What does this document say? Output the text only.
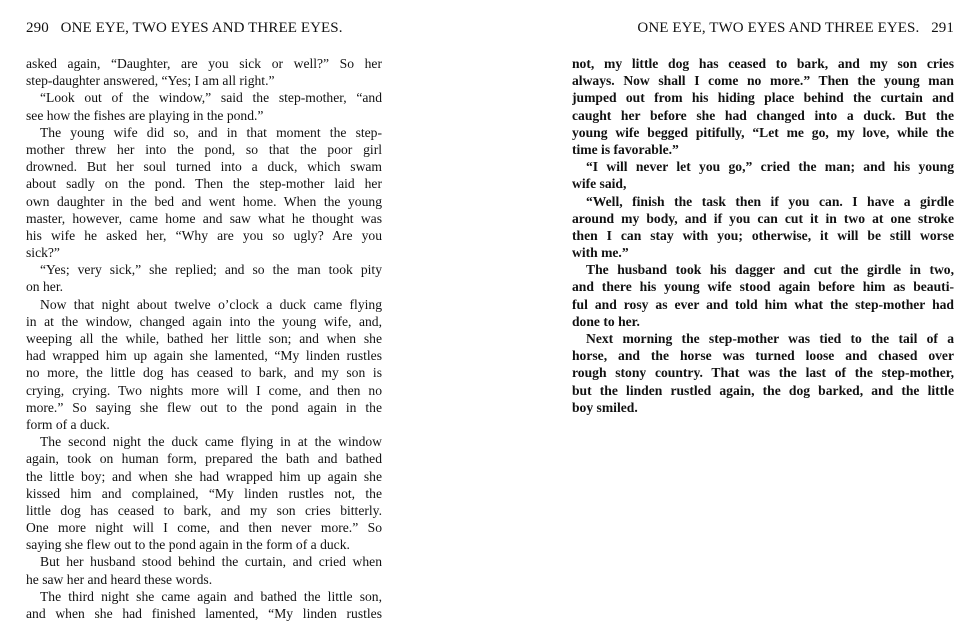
290 ONE EYE, TWO EYES AND THREE EYES.
asked again, “Daughter, are you sick or well?” So her
step-daughter answered, “Yes; I am all right.”
“Look out of the window,” said the step-mother, “and
see how the fishes are playing in the pond.”
The young wife did so, and in that moment the step-
mother threw her into the pond, so that the poor girl
drowned. But her soul turned into a duck, which swam
about sadly on the pond. Then the step-mother laid her
own daughter in the bed and went home. When the young
master, however, came home and saw what he thought was
his wife he asked her, “Why are you so ugly? Are you
sick?”
“Yes; very sick,” she replied; and so the man took pity
on her.
Now that night about twelve o’clock a duck came flying
in at the window, changed again into the young wife, and,
weeping all the while, bathed her little son; and when she
had wrapped him up again she lamented, “My linden rustles
no more, the little dog has ceased to bark, and my son is
crying, crying. Two nights more will I come, and then no
more.” So saying she flew out to the pond again in the
form of a duck.
The second night the duck came flying in at the window
again, took on human form, prepared the bath and bathed
the little boy; and when she had wrapped him up again she
kissed him and complained, “My linden rustles not, the
little dog has ceased to bark, and my son cries bitterly.
One more night will I come, and then never more.” So
saying she flew out to the pond again in the form of a duck.
But her husband stood behind the curtain, and cried when
he saw her and heard these words.
The third night she came again and bathed the little son,
and when she had finished lamented, “My linden rustles
ONE EYE, TWO EYES AND THREE EYES. 291
not, my little dog has ceased to bark, and my son cries
always. Now shall I come no more.” Then the young man
jumped out from his hiding place behind the curtain and
caught her before she had changed into a duck. But the
young wife begged pitifully, “Let me go, my love, while the
time is favorable.”
“I will never let you go,” cried the man; and his young
wife said,
“Well, finish the task then if you can. I have a girdle
around my body, and if you can cut it in two at one stroke
then I can stay with you; otherwise, it will be still worse
with me.”
The husband took his dagger and cut the girdle in two,
and there his young wife stood again before him as beauti-
ful and rosy as ever and told him what the step-mother had
done to her.
Next morning the step-mother was tied to the tail of a
horse, and the horse was turned loose and chased over
rough stony country. That was the last of the step-mother,
but the linden rustled again, the dog barked, and the little
boy smiled.
